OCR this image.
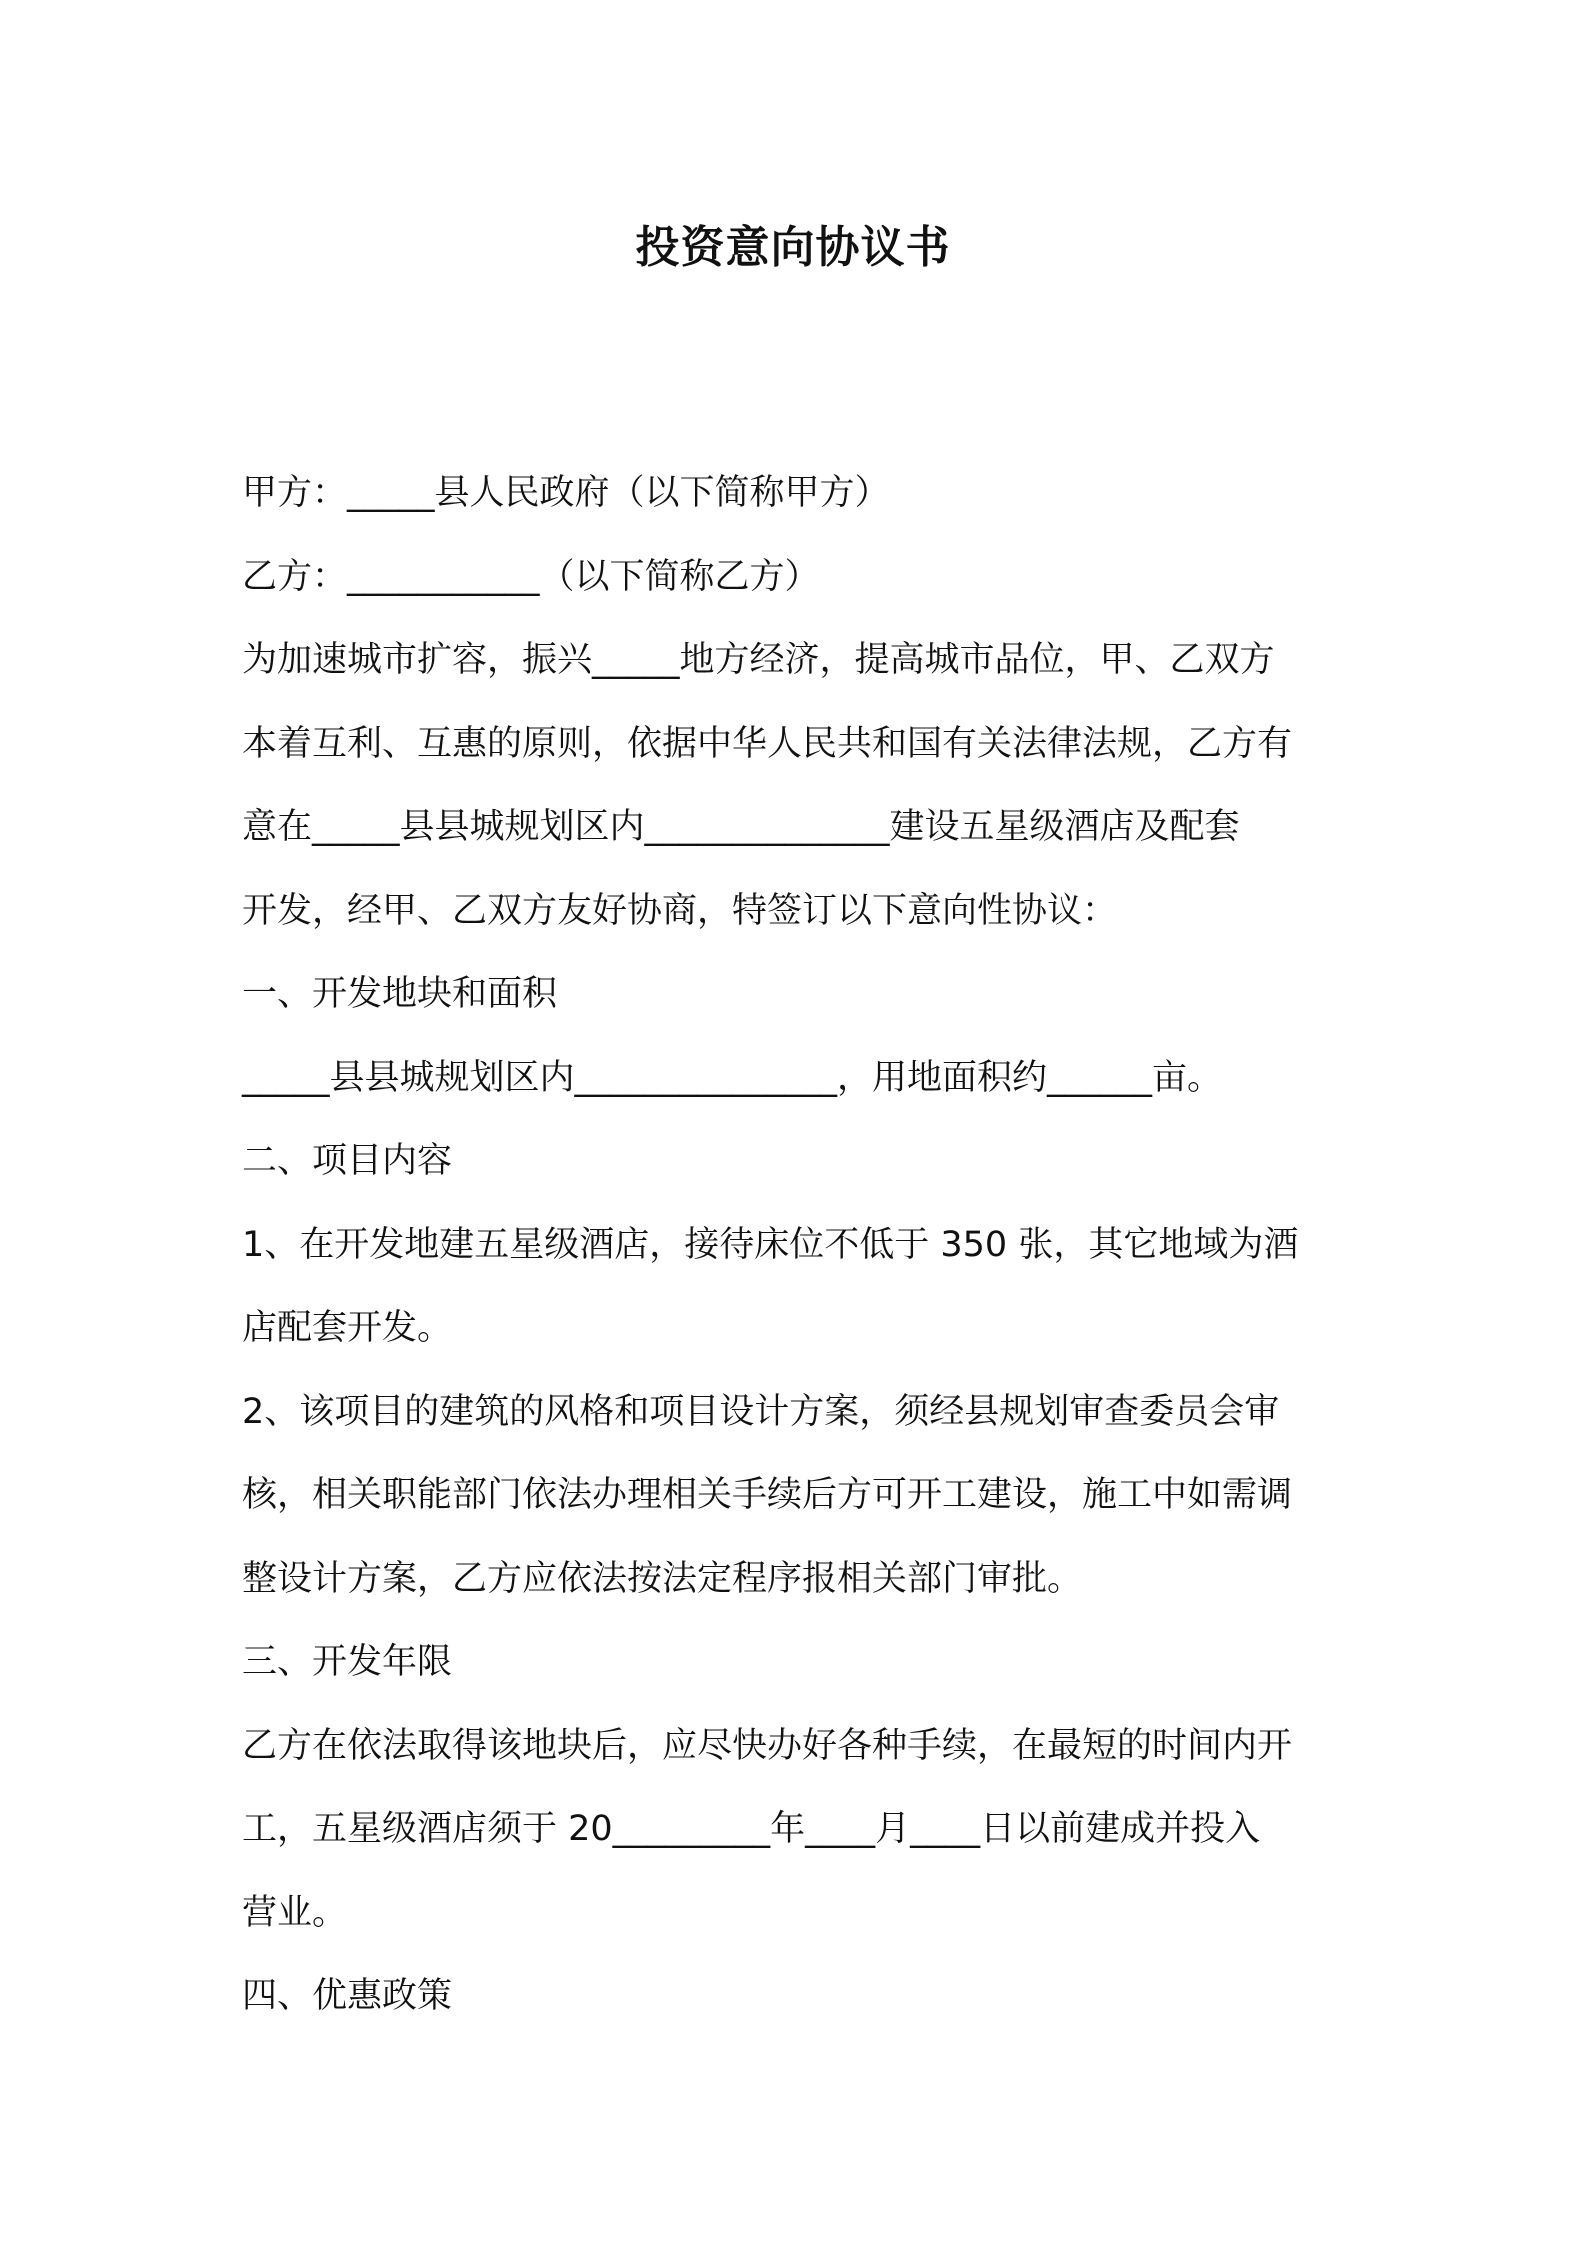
投资意向协议书

甲方：_____县人民政府（以下简称甲方）

乙方：___________（以下简称乙方）

为加速城市扩容，振兴_____地方经济，提高城市品位，甲、乙双方

本着互利、互惠的原则，依据中华人民共和国有关法律法规，乙方有

意在_____县县城规划区内______________建设五星级酒店及配套

开发，经甲、乙双方友好协商，特签订以下意向性协议：

一、开发地块和面积

_____县县城规划区内_______________，用地面积约______亩。

二、项目内容

1、在开发地建五星级酒店，接待床位不低于 350 张，其它地域为酒

店配套开发。

2、该项目的建筑的风格和项目设计方案，须经县规划审查委员会审

核，相关职能部门依法办理相关手续后方可开工建设，施工中如需调

整设计方案，乙方应依法按法定程序报相关部门审批。

三、开发年限

乙方在依法取得该地块后，应尽快办好各种手续，在最短的时间内开

工，五星级酒店须于 20_________年____月____日以前建成并投入

营业。

四、优惠政策
